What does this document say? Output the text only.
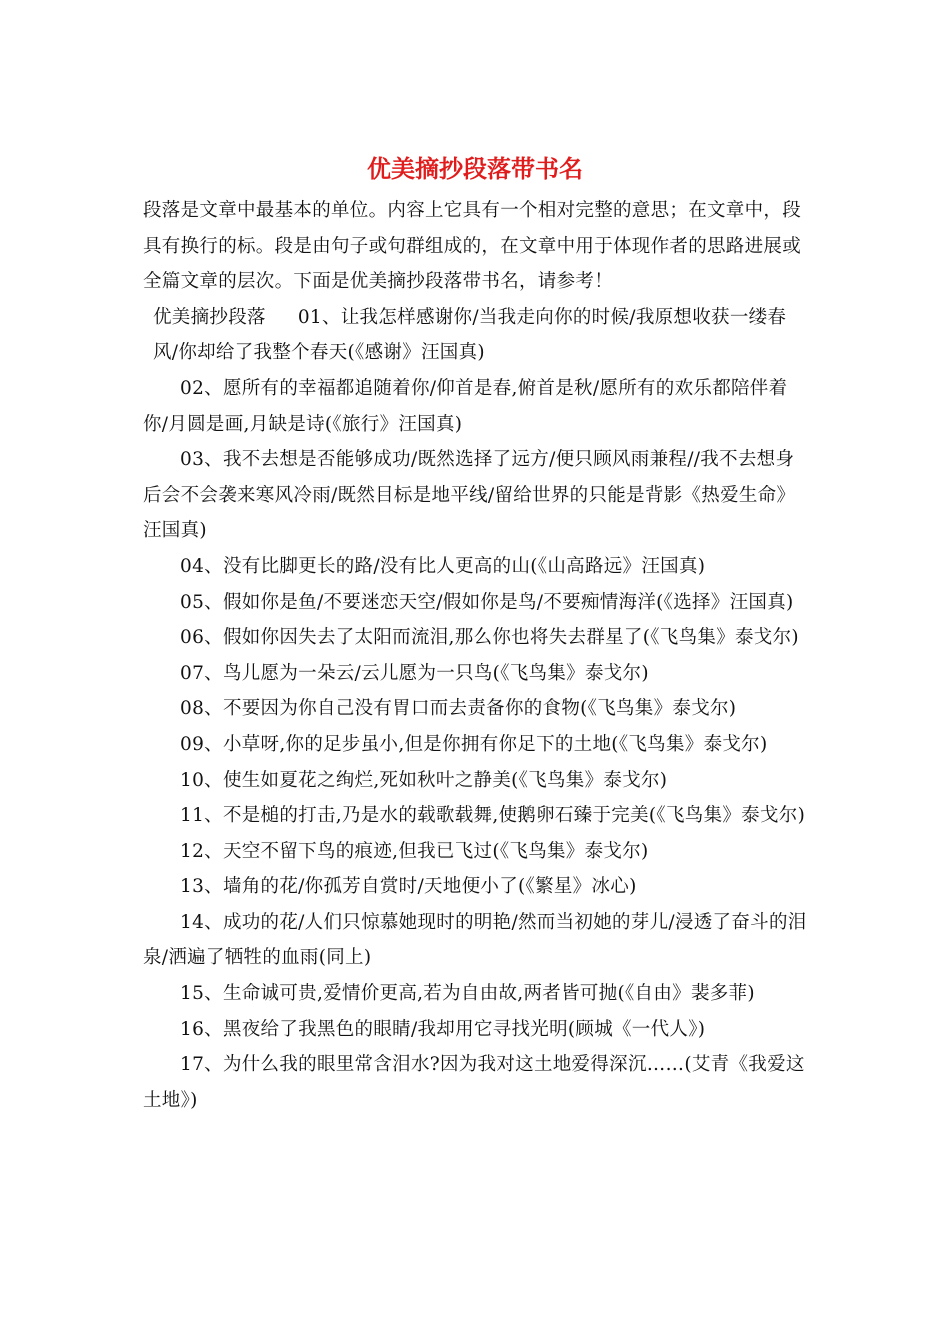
优美摘抄段落带书名

段落是文章中最基本的单位。内容上它具有一个相对完整的意思；在文章中，段具有换行的标。段是由句子或句群组成的，在文章中用于体现作者的思路进展或全篇文章的层次。下面是优美摘抄段落带书名，请参考！

优美摘抄段落 01、让我怎样感谢你/当我走向你的时候/我原想收获一缕春风/你却给了我整个春天(《感谢》汪国真)

02、愿所有的幸福都追随着你/仰首是春,俯首是秋/愿所有的欢乐都陪伴着你/月圆是画,月缺是诗(《旅行》汪国真)

03、我不去想是否能够成功/既然选择了远方/便只顾风雨兼程//我不去想身后会不会袭来寒风冷雨/既然目标是地平线/留给世界的只能是背影《热爱生命》汪国真)

04、没有比脚更长的路/没有比人更高的山(《山高路远》汪国真)

05、假如你是鱼/不要迷恋天空/假如你是鸟/不要痴情海洋(《选择》汪国真)

06、假如你因失去了太阳而流泪,那么你也将失去群星了(《飞鸟集》泰戈尔)

07、鸟儿愿为一朵云/云儿愿为一只鸟(《飞鸟集》泰戈尔)

08、不要因为你自己没有胃口而去责备你的食物(《飞鸟集》泰戈尔)

09、小草呀,你的足步虽小,但是你拥有你足下的土地(《飞鸟集》泰戈尔)

10、使生如夏花之绚烂,死如秋叶之静美(《飞鸟集》泰戈尔)

11、不是槌的打击,乃是水的载歌载舞,使鹅卵石臻于完美(《飞鸟集》泰戈尔)

12、天空不留下鸟的痕迹,但我已飞过(《飞鸟集》泰戈尔)

13、墙角的花/你孤芳自赏时/天地便小了(《繁星》冰心)

14、成功的花/人们只惊慕她现时的明艳/然而当初她的芽儿/浸透了奋斗的泪泉/洒遍了牺牲的血雨(同上)

15、生命诚可贵,爱情价更高,若为自由故,两者皆可抛(《自由》裴多菲)

16、黑夜给了我黑色的眼睛/我却用它寻找光明(顾城《一代人》)

17、为什么我的眼里常含泪水?因为我对这土地爱得深沉……(艾青《我爱这土地》)
